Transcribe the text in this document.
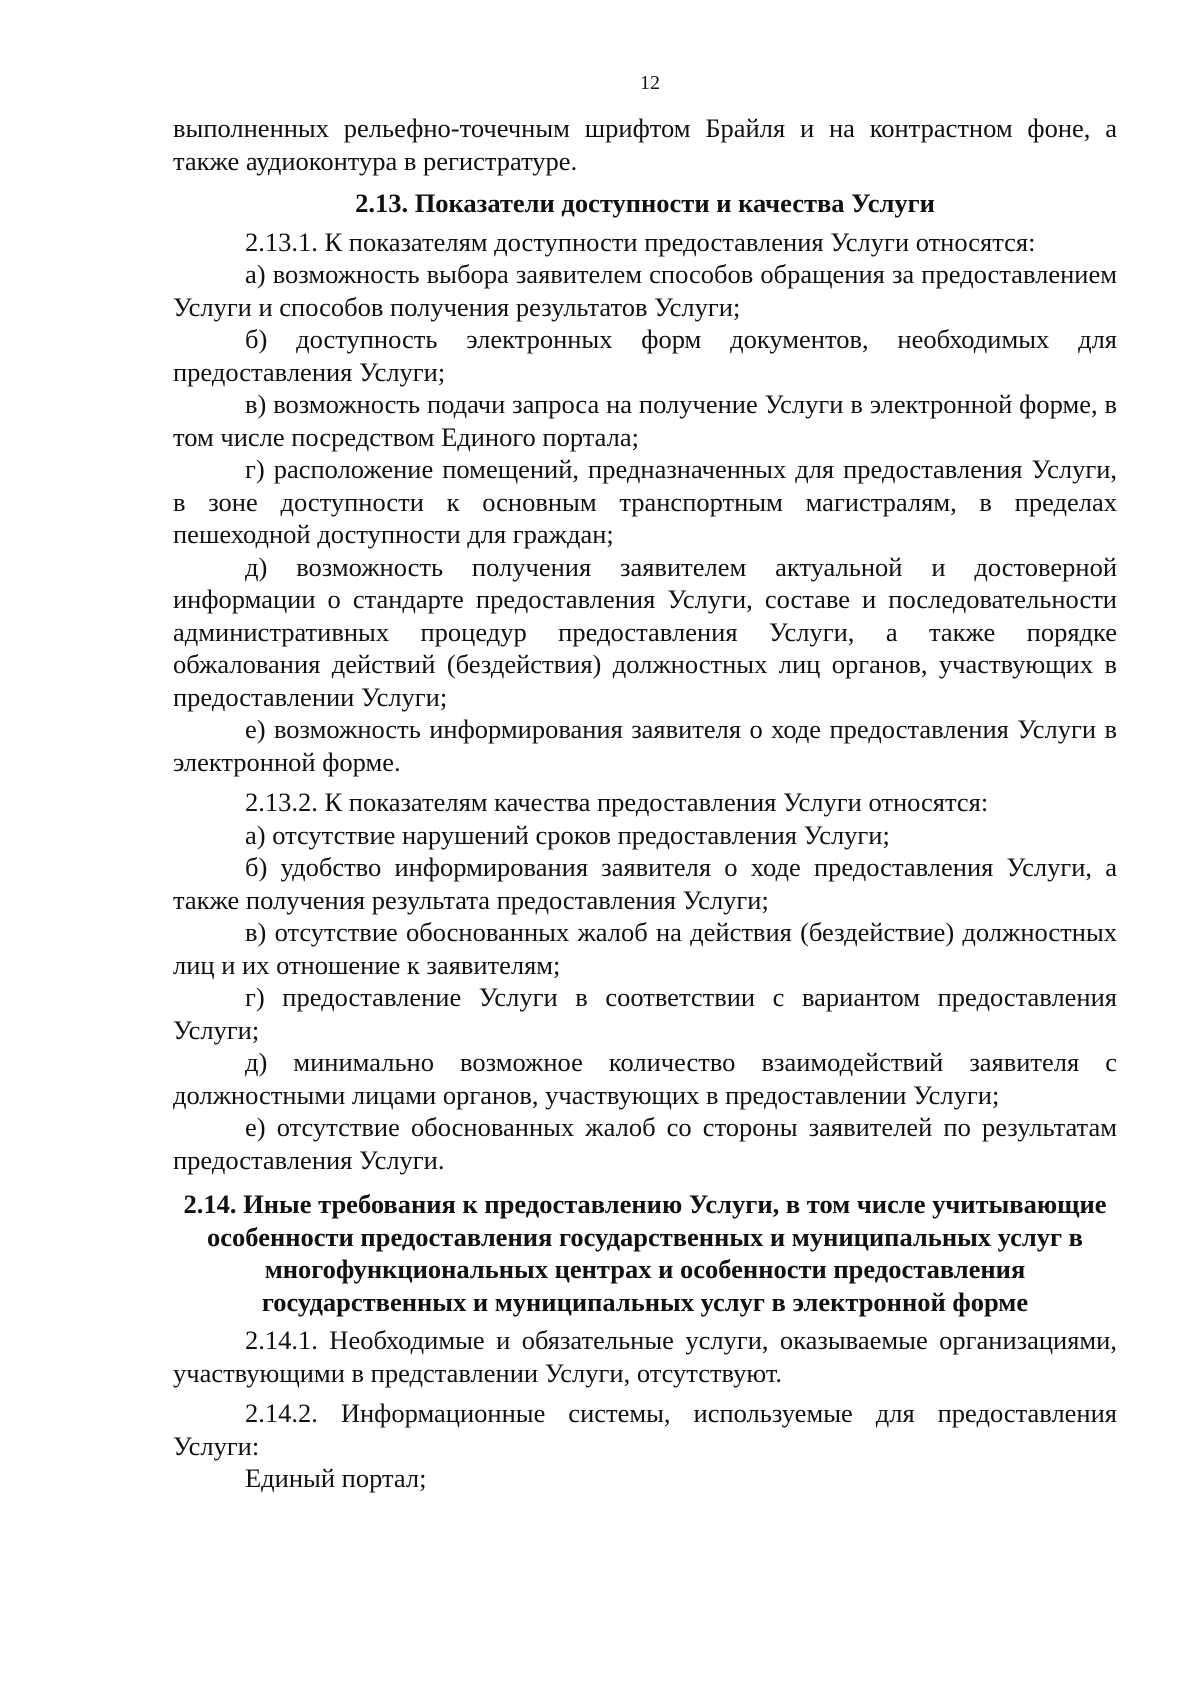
12

выполненных рельефно-точечным шрифтом Брайля и на контрастном фоне, а также аудиоконтура в регистратуре.

2.13. Показатели доступности и качества Услуги

2.13.1. К показателям доступности предоставления Услуги относятся:

а) возможность выбора заявителем способов обращения за предоставлением Услуги и способов получения результатов Услуги;

б) доступность электронных форм документов, необходимых для предоставления Услуги;

в) возможность подачи запроса на получение Услуги в электронной форме, в том числе посредством Единого портала;

г) расположение помещений, предназначенных для предоставления Услуги, в зоне доступности к основным транспортным магистралям, в пределах пешеходной доступности для граждан;

д) возможность получения заявителем актуальной и достоверной информации о стандарте предоставления Услуги, составе и последовательности административных процедур предоставления Услуги, а также порядке обжалования действий (бездействия) должностных лиц органов, участвующих в предоставлении Услуги;

е) возможность информирования заявителя о ходе предоставления Услуги в электронной форме.

2.13.2. К показателям качества предоставления Услуги относятся:

а) отсутствие нарушений сроков предоставления Услуги;

б) удобство информирования заявителя о ходе предоставления Услуги, а также получения результата предоставления Услуги;

в) отсутствие обоснованных жалоб на действия (бездействие) должностных лиц и их отношение к заявителям;

г) предоставление Услуги в соответствии с вариантом предоставления Услуги;

д) минимально возможное количество взаимодействий заявителя с должностными лицами органов, участвующих в предоставлении Услуги;

е) отсутствие обоснованных жалоб со стороны заявителей по результатам предоставления Услуги.

2.14. Иные требования к предоставлению Услуги, в том числе учитывающие особенности предоставления государственных и муниципальных услуг в многофункциональных центрах и особенности предоставления государственных и муниципальных услуг в электронной форме

2.14.1. Необходимые и обязательные услуги, оказываемые организациями, участвующими в представлении Услуги, отсутствуют.

2.14.2. Информационные системы, используемые для предоставления Услуги:

Единый портал;
